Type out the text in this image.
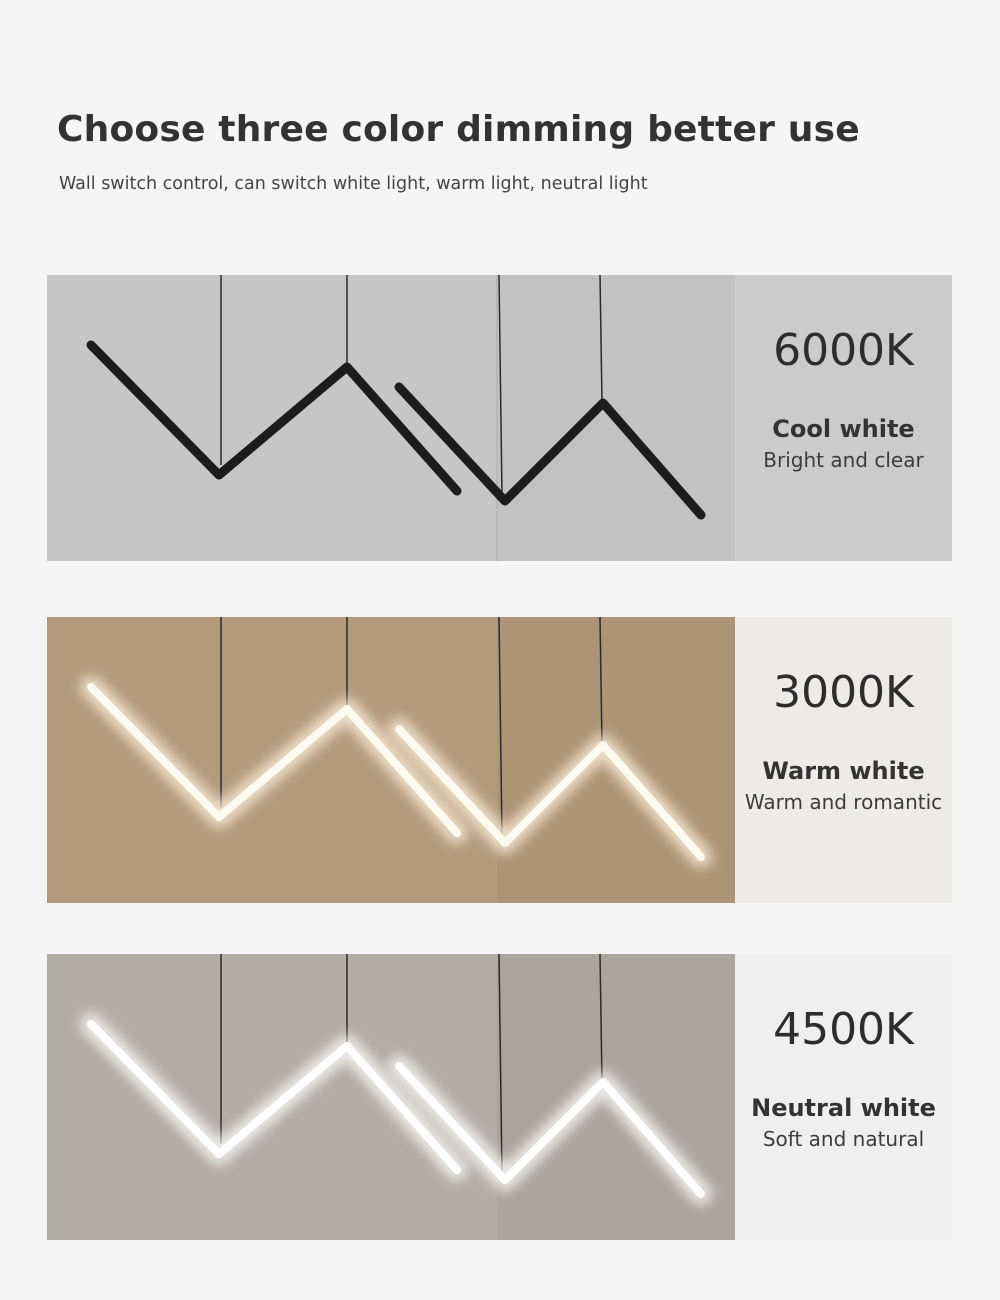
Choose three color dimming better use

Wall switch control, can switch white light, warm light, neutral light

6000K
Cool white
Bright and clear
3000K
Warm white
Warm and romantic
4500K
Neutral white
Soft and natural
